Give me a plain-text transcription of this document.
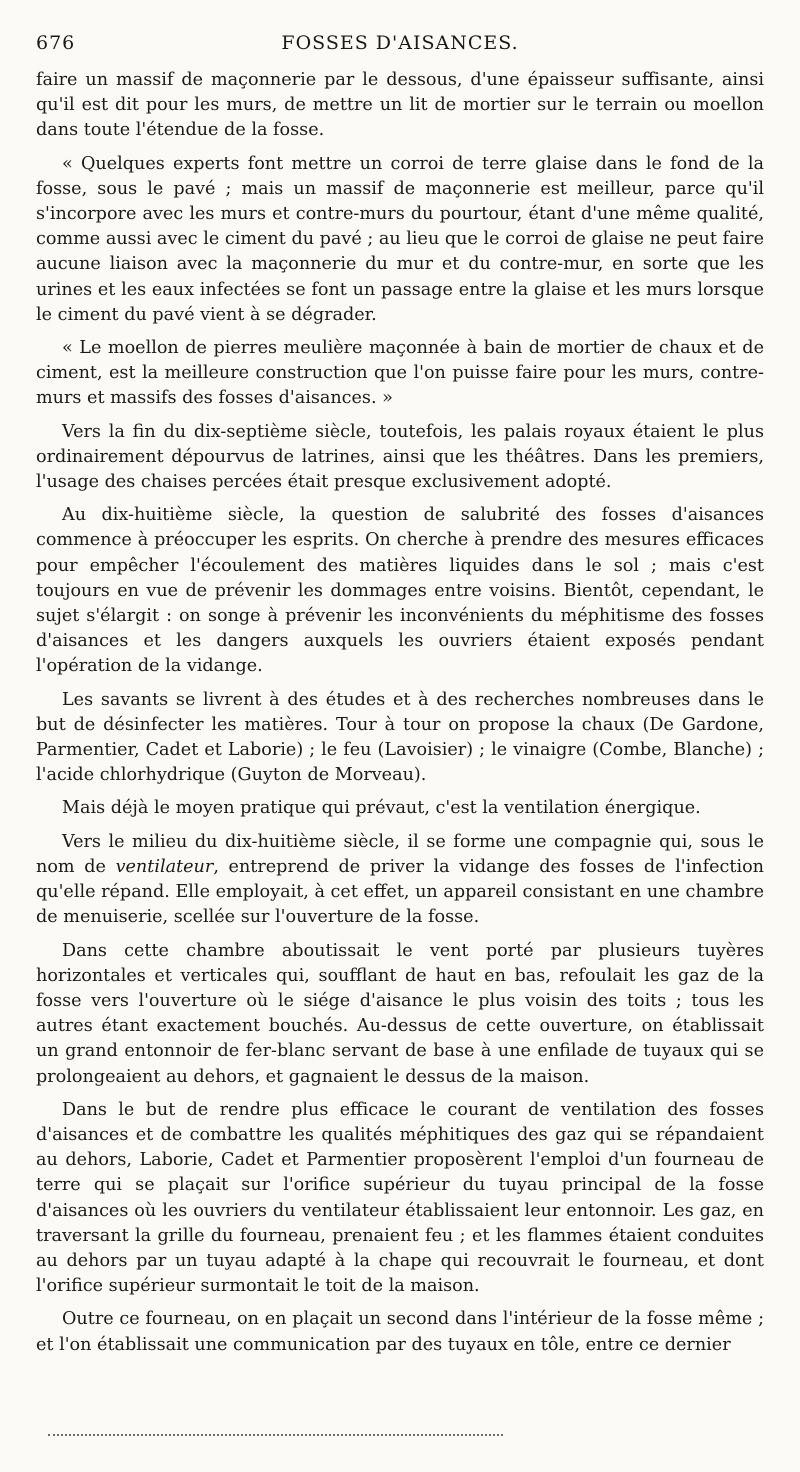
676	FOSSES D'AISANCES.

faire un massif de maçonnerie par le dessous, d'une épaisseur suffisante, ainsi qu'il est dit pour les murs, de mettre un lit de mortier sur le terrain ou moellon dans toute l'étendue de la fosse.

« Quelques experts font mettre un corroi de terre glaise dans le fond de la fosse, sous le pavé ; mais un massif de maçonnerie est meilleur, parce qu'il s'incorpore avec les murs et contre-murs du pourtour, étant d'une même qualité, comme aussi avec le ciment du pavé ; au lieu que le corroi de glaise ne peut faire aucune liaison avec la maçonnerie du mur et du contre-mur, en sorte que les urines et les eaux infectées se font un passage entre la glaise et les murs lorsque le ciment du pavé vient à se dégrader.

« Le moellon de pierres meulière maçonnée à bain de mortier de chaux et de ciment, est la meilleure construction que l'on puisse faire pour les murs, contre-murs et massifs des fosses d'aisances. »

Vers la fin du dix-septième siècle, toutefois, les palais royaux étaient le plus ordinairement dépourvus de latrines, ainsi que les théâtres. Dans les premiers, l'usage des chaises percées était presque exclusivement adopté.

Au dix-huitième siècle, la question de salubrité des fosses d'aisances commence à préoccuper les esprits. On cherche à prendre des mesures efficaces pour empêcher l'écoulement des matières liquides dans le sol ; mais c'est toujours en vue de prévenir les dommages entre voisins. Bientôt, cependant, le sujet s'élargit : on songe à prévenir les inconvénients du méphitisme des fosses d'aisances et les dangers auxquels les ouvriers étaient exposés pendant l'opération de la vidange.

Les savants se livrent à des études et à des recherches nombreuses dans le but de désinfecter les matières. Tour à tour on propose la chaux (De Gardone, Parmentier, Cadet et Laborie) ; le feu (Lavoisier) ; le vinaigre (Combe, Blanche) ; l'acide chlorhydrique (Guyton de Morveau).

Mais déjà le moyen pratique qui prévaut, c'est la ventilation énergique.

Vers le milieu du dix-huitième siècle, il se forme une compagnie qui, sous le nom de ventilateur, entreprend de priver la vidange des fosses de l'infection qu'elle répand. Elle employait, à cet effet, un appareil consistant en une chambre de menuiserie, scellée sur l'ouverture de la fosse.

Dans cette chambre aboutissait le vent porté par plusieurs tuyères horizontales et verticales qui, soufflant de haut en bas, refoulait les gaz de la fosse vers l'ouverture où le siége d'aisance le plus voisin des toits ; tous les autres étant exactement bouchés. Au-dessus de cette ouverture, on établissait un grand entonnoir de fer-blanc servant de base à une enfilade de tuyaux qui se prolongeaient au dehors, et gagnaient le dessus de la maison.

Dans le but de rendre plus efficace le courant de ventilation des fosses d'aisances et de combattre les qualités méphitiques des gaz qui se répandaient au dehors, Laborie, Cadet et Parmentier proposèrent l'emploi d'un fourneau de terre qui se plaçait sur l'orifice supérieur du tuyau principal de la fosse d'aisances où les ouvriers du ventilateur établissaient leur entonnoir. Les gaz, en traversant la grille du fourneau, prenaient feu ; et les flammes étaient conduites au dehors par un tuyau adapté à la chape qui recouvrait le fourneau, et dont l'orifice supérieur surmontait le toit de la maison.

Outre ce fourneau, on en plaçait un second dans l'intérieur de la fosse même ; et l'on établissait une communication par des tuyaux en tôle, entre ce dernier
